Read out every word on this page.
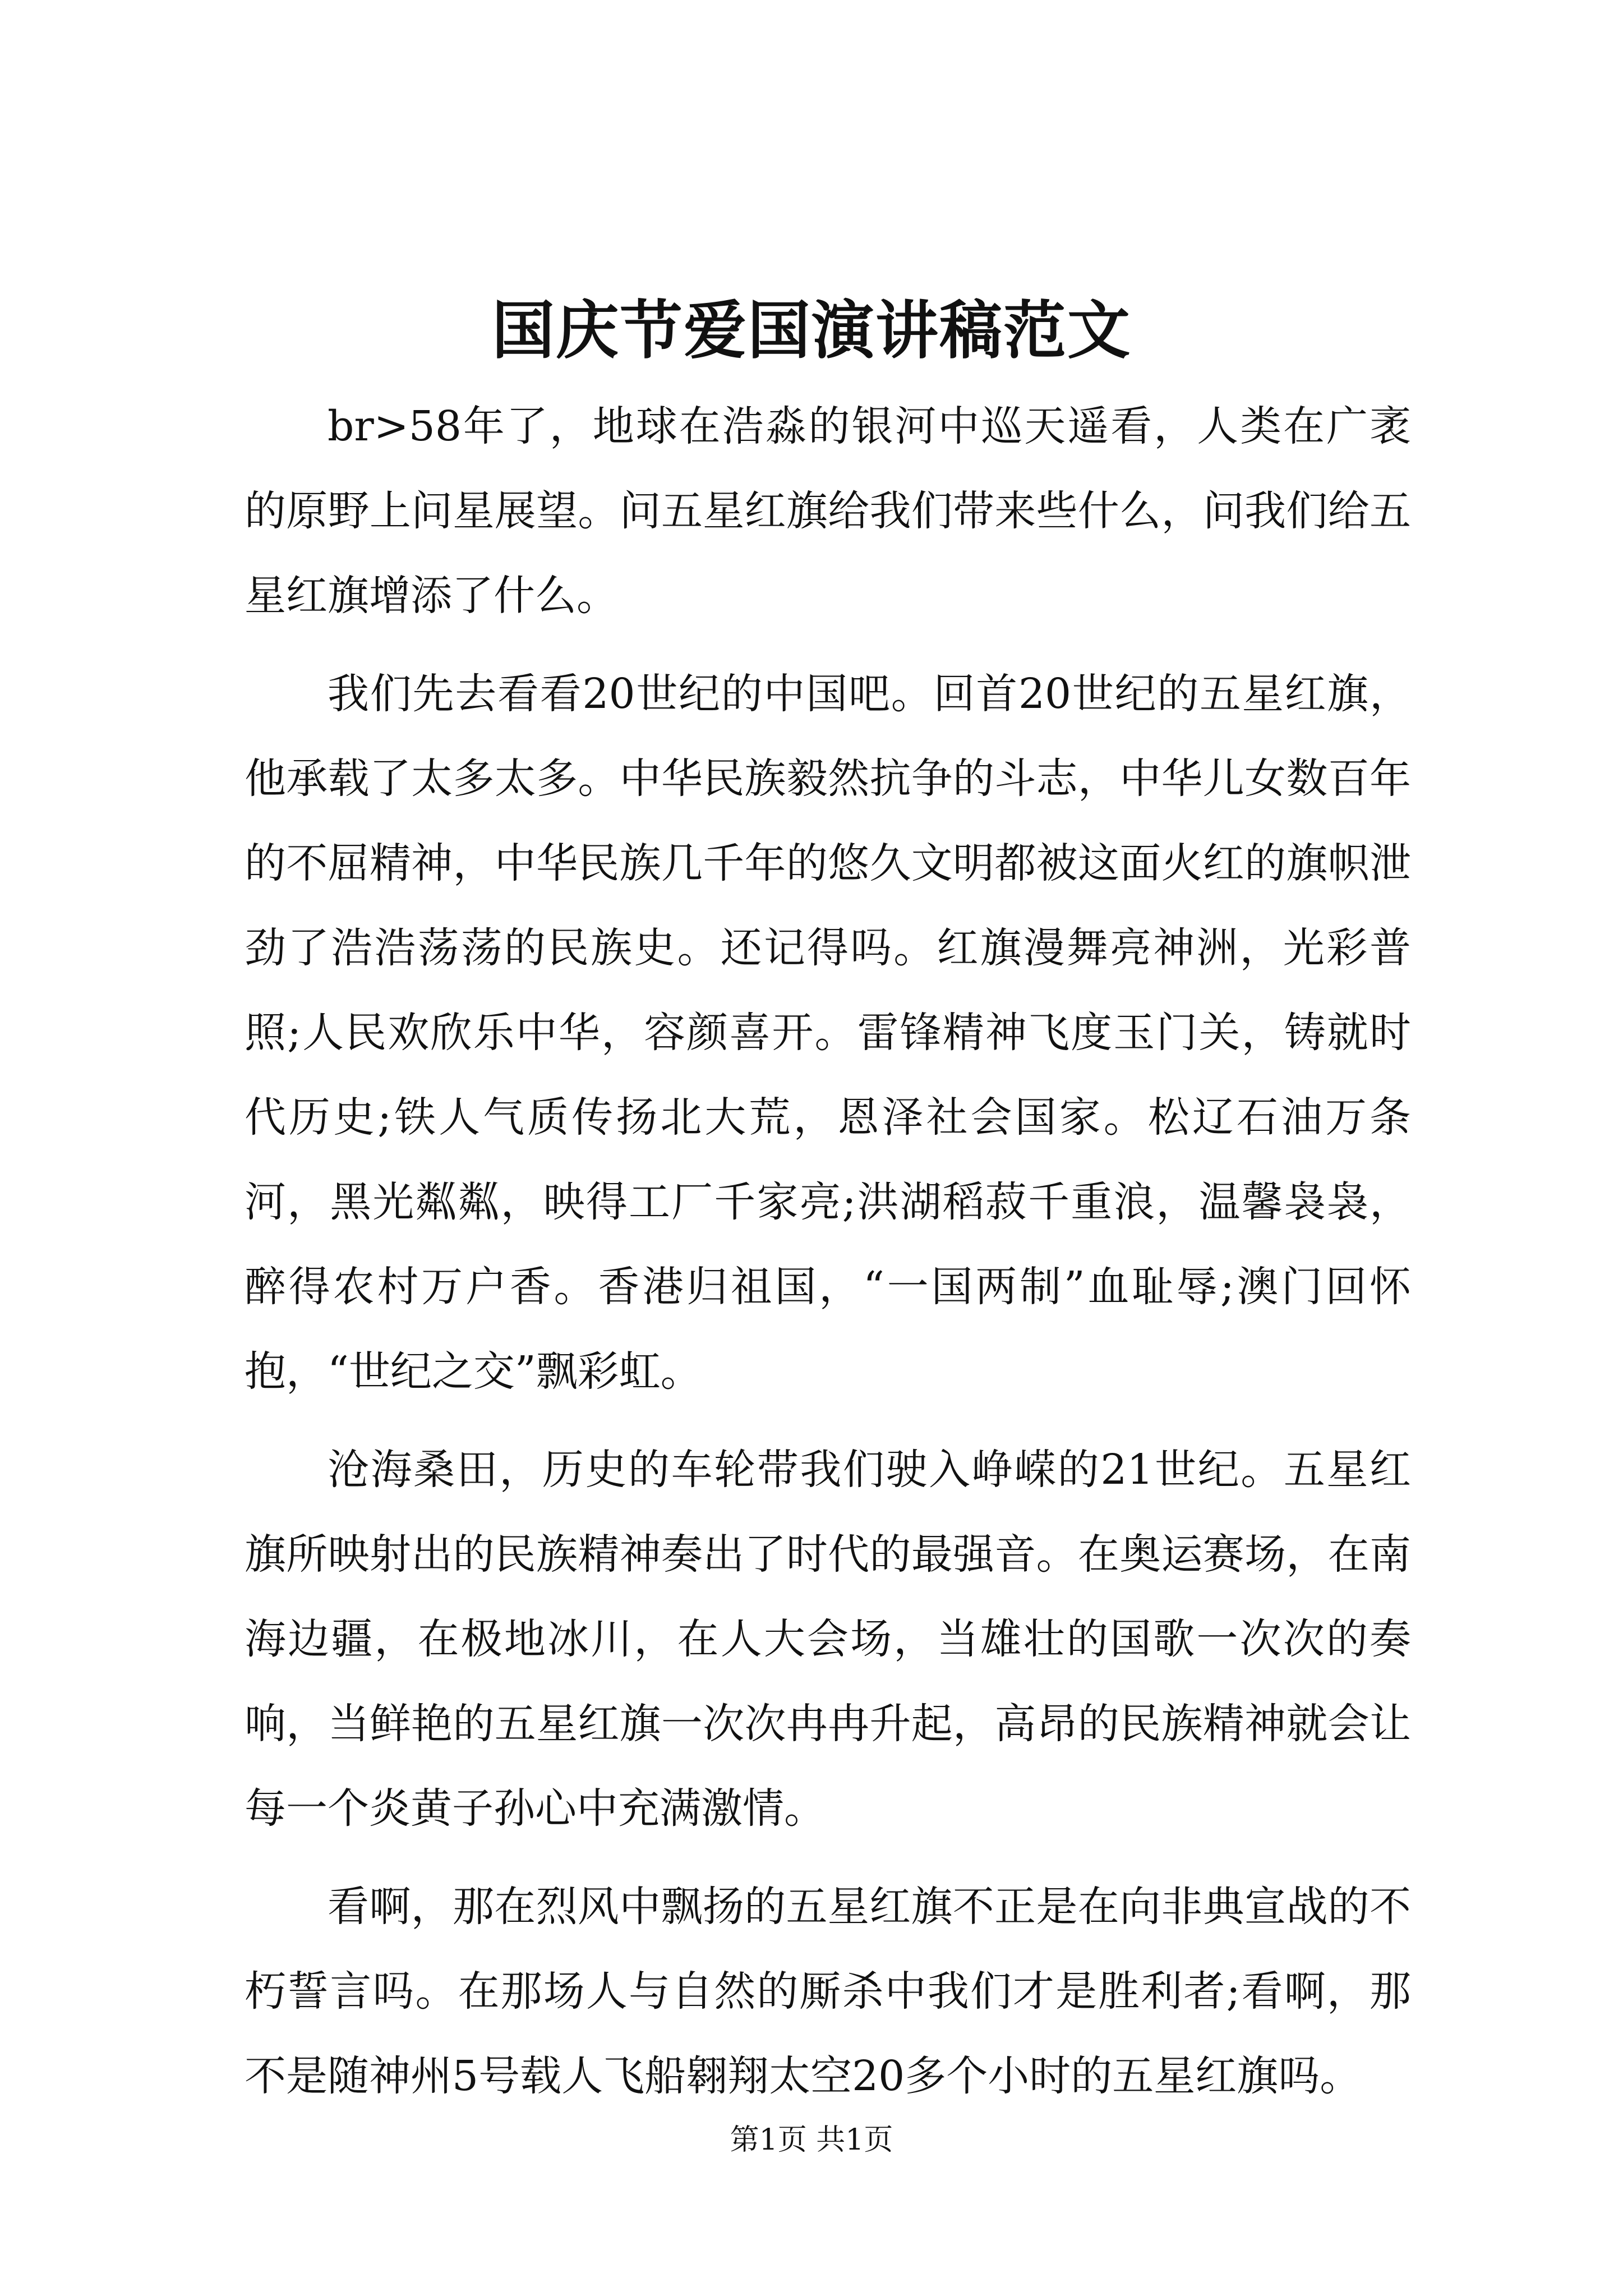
国庆节爱国演讲稿范文

br>58年了，地球在浩淼的银河中巡天遥看，人类在广袤的原野上问星展望。问五星红旗给我们带来些什么，问我们给五星红旗增添了什么。

我们先去看看20世纪的中国吧。回首20世纪的五星红旗，他承载了太多太多。中华民族毅然抗争的斗志，中华儿女数百年的不屈精神，中华民族几千年的悠久文明都被这面火红的旗帜泄劲了浩浩荡荡的民族史。还记得吗。红旗漫舞亮神洲，光彩普照;人民欢欣乐中华，容颜喜开。雷锋精神飞度玉门关，铸就时代历史;铁人气质传扬北大荒，恩泽社会国家。松辽石油万条河，黑光粼粼，映得工厂千家亮;洪湖稻菽千重浪，温馨袅袅，醉得农村万户香。香港归祖国，“一国两制”血耻辱;澳门回怀抱，“世纪之交”飘彩虹。

沧海桑田，历史的车轮带我们驶入峥嵘的21世纪。五星红旗所映射出的民族精神奏出了时代的最强音。在奥运赛场，在南海边疆，在极地冰川，在人大会场，当雄壮的国歌一次次的奏响，当鲜艳的五星红旗一次次冉冉升起，高昂的民族精神就会让每一个炎黄子孙心中充满激情。

看啊，那在烈风中飘扬的五星红旗不正是在向非典宣战的不朽誓言吗。在那场人与自然的厮杀中我们才是胜利者;看啊，那不是随神州5号载人飞船翱翔太空20多个小时的五星红旗吗。

第1页 共1页
